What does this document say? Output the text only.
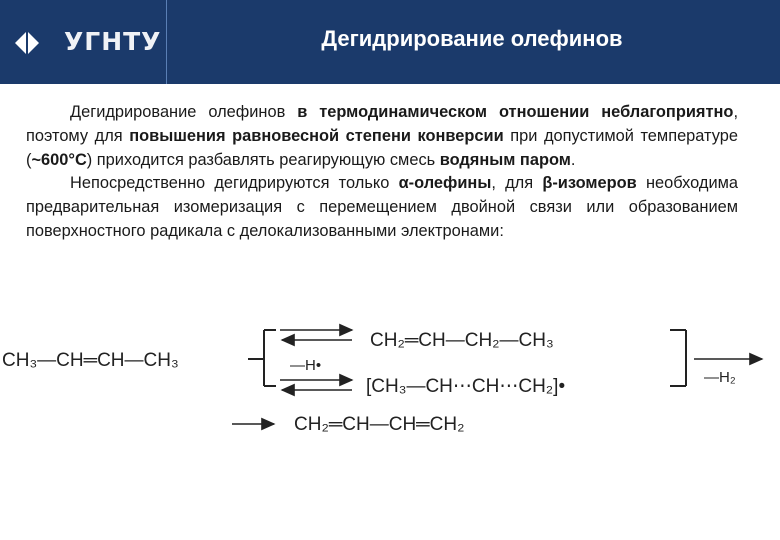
УГНТУ	Дегидрирование олефинов

Дегидрирование олефинов в термодинамическом отношении неблагоприятно, поэтому для повышения равновесной степени конверсии при допустимой температуре (~600°С) приходится разбавлять реагирующую смесь водяным паром.

Непосредственно дегидрируются только α-олефины, для β-изомеров необходима предварительная изомеризация с перемещением двойной связи или образованием поверхностного радикала с делокализованными электронами:

CH₃—CH═CH—CH₃
CH₂═CH—CH₂—CH₃
—H•
[CH₃—CH⋯CH⋯CH₂]•	—H₂
CH₂═CH—CH═CH₂
